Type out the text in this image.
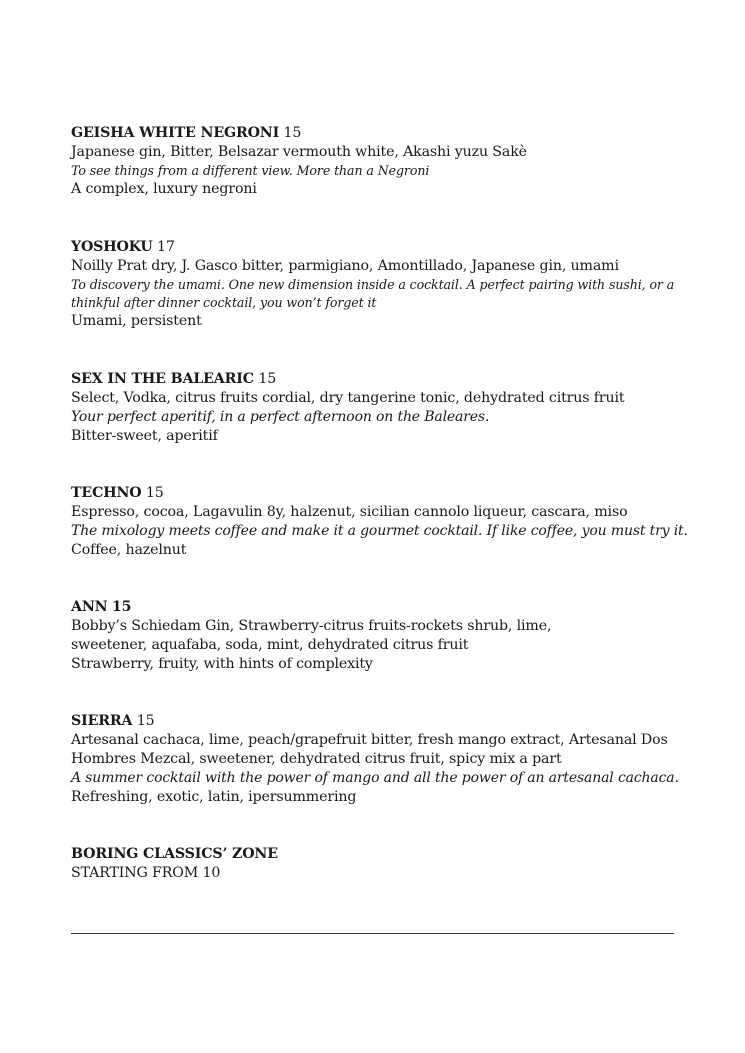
GEISHA WHITE NEGRONI 15
Japanese gin, Bitter, Belsazar vermouth white, Akashi yuzu Sakè
To see things from a different view. More than a Negroni
A complex, luxury negroni
YOSHOKU 17
Noilly Prat dry, J. Gasco bitter, parmigiano, Amontillado, Japanese gin, umami
To discovery the umami. One new dimension inside a cocktail. A perfect pairing with sushi, or a
thinkful after dinner cocktail, you won’t forget it
Umami, persistent
SEX IN THE BALEARIC 15
Select, Vodka, citrus fruits cordial, dry tangerine tonic, dehydrated citrus fruit
Your perfect aperitif, in a perfect afternoon on the Baleares.
Bitter-sweet, aperitif
TECHNO 15
Espresso, cocoa, Lagavulin 8y, halzenut, sicilian cannolo liqueur, cascara, miso
The mixology meets coffee and make it a gourmet cocktail. If like coffee, you must try it.
Coffee, hazelnut
ANN 15
Bobby’s Schiedam Gin, Strawberry-citrus fruits-rockets shrub, lime,
sweetener, aquafaba, soda, mint, dehydrated citrus fruit
Strawberry, fruity, with hints of complexity
SIERRA 15
Artesanal cachaca, lime, peach/grapefruit bitter, fresh mango extract, Artesanal Dos
Hombres Mezcal, sweetener, dehydrated citrus fruit, spicy mix a part
A summer cocktail with the power of mango and all the power of an artesanal cachaca.
Refreshing, exotic, latin, ipersummering
BORING CLASSICS’ ZONE
STARTING FROM 10
